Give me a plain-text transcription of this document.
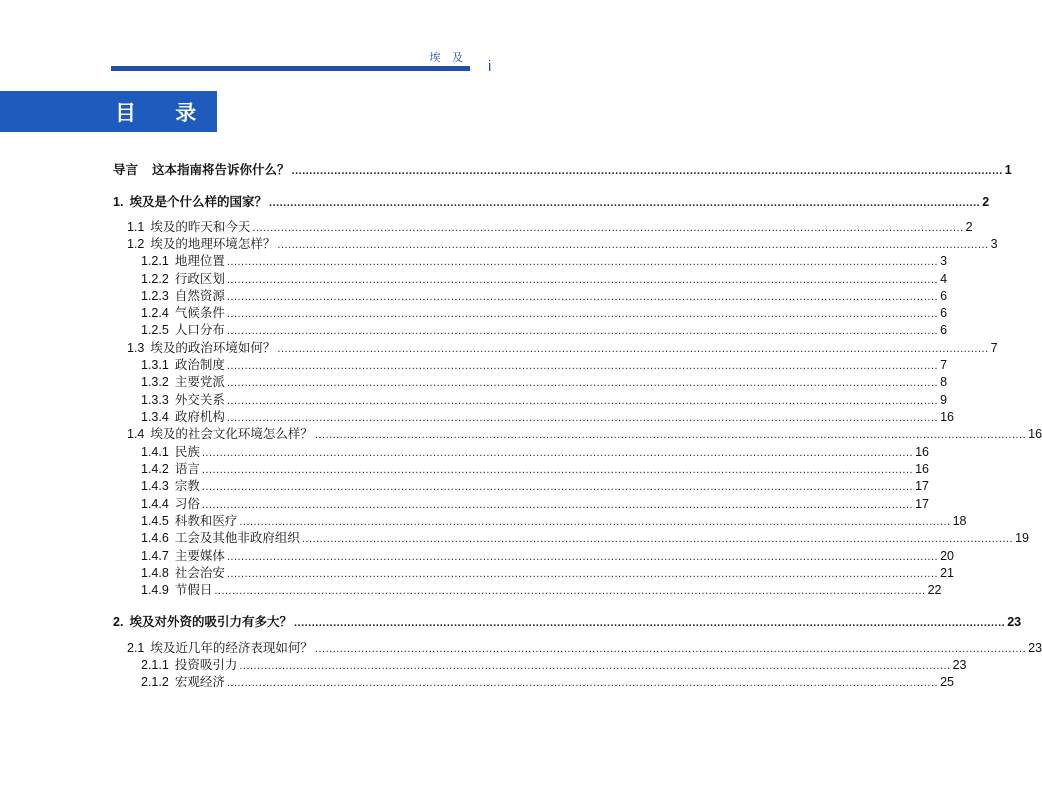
埃 及
i
目 录
导言 这本指南将告诉你什么？ ........................................................................................................................................................................................................ 1
1. 埃及是个什么样的国家？ ........................................................................................................................................................................................................ 2
1.1 埃及的昨天和今天 ........................................................................................................................................................................................................ 2
1.2 埃及的地理环境怎样？ ........................................................................................................................................................................................................ 3
1.2.1 地理位置 ........................................................................................................................................................................................................ 3
1.2.2 行政区划 ........................................................................................................................................................................................................ 4
1.2.3 自然资源 ........................................................................................................................................................................................................ 6
1.2.4 气候条件 ........................................................................................................................................................................................................ 6
1.2.5 人口分布 ........................................................................................................................................................................................................ 6
1.3 埃及的政治环境如何？ ........................................................................................................................................................................................................ 7
1.3.1 政治制度 ........................................................................................................................................................................................................ 7
1.3.2 主要党派 ........................................................................................................................................................................................................ 8
1.3.3 外交关系 ........................................................................................................................................................................................................ 9
1.3.4 政府机构 ........................................................................................................................................................................................................ 16
1.4 埃及的社会文化环境怎么样？ ........................................................................................................................................................................................................ 16
1.4.1 民族 ........................................................................................................................................................................................................ 16
1.4.2 语言 ........................................................................................................................................................................................................ 16
1.4.3 宗教 ........................................................................................................................................................................................................ 17
1.4.4 习俗 ........................................................................................................................................................................................................ 17
1.4.5 科教和医疗 ........................................................................................................................................................................................................ 18
1.4.6 工会及其他非政府组织 ........................................................................................................................................................................................................ 19
1.4.7 主要媒体 ........................................................................................................................................................................................................ 20
1.4.8 社会治安 ........................................................................................................................................................................................................ 21
1.4.9 节假日 ........................................................................................................................................................................................................ 22
2. 埃及对外资的吸引力有多大？ ........................................................................................................................................................................................................ 23
2.1 埃及近几年的经济表现如何？ ........................................................................................................................................................................................................ 23
2.1.1 投资吸引力 ........................................................................................................................................................................................................ 23
2.1.2 宏观经济 ........................................................................................................................................................................................................ 25
